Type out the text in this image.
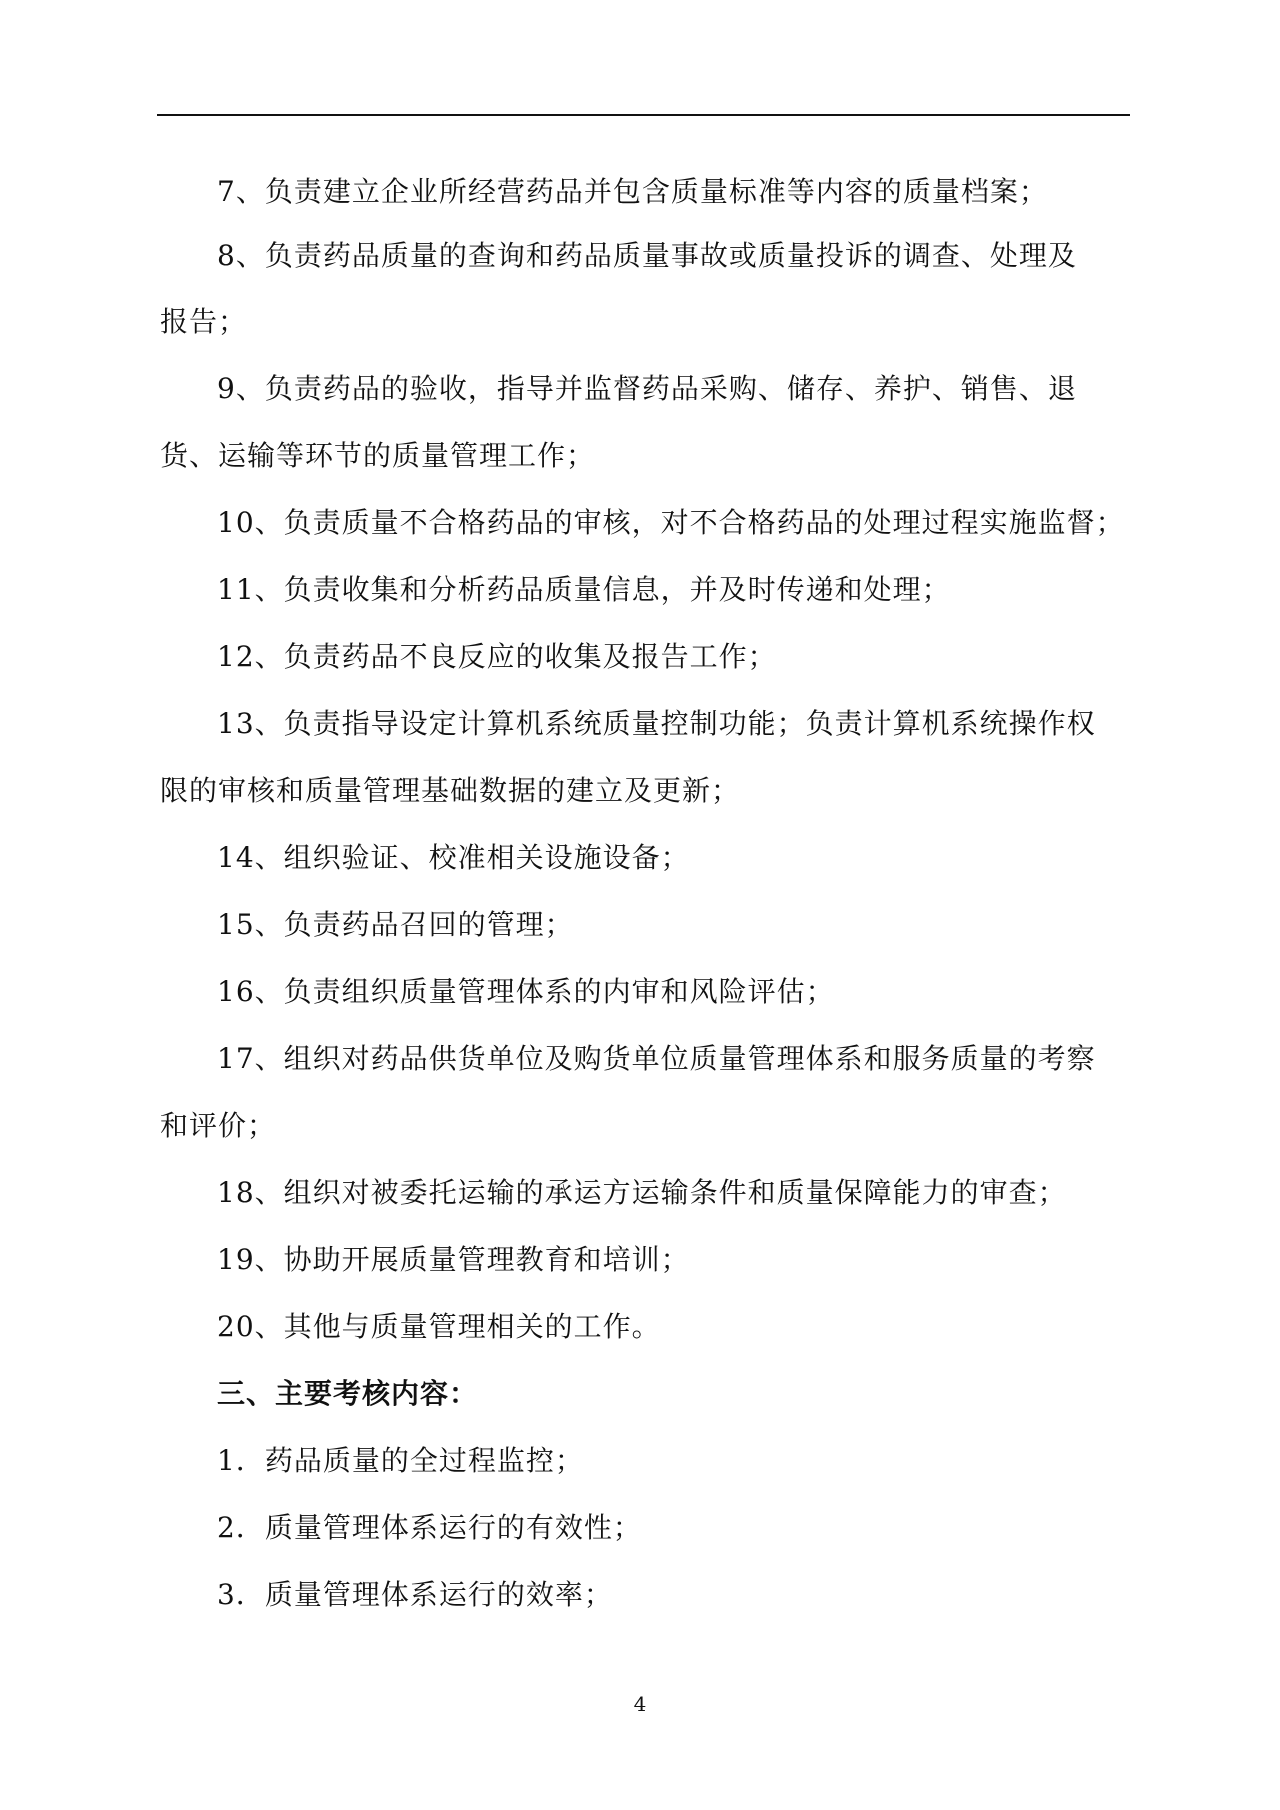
7、负责建立企业所经营药品并包含质量标准等内容的质量档案；
8、负责药品质量的查询和药品质量事故或质量投诉的调查、处理及
报告；
9、负责药品的验收，指导并监督药品采购、储存、养护、销售、退
货、运输等环节的质量管理工作；
10、负责质量不合格药品的审核，对不合格药品的处理过程实施监督；
11、负责收集和分析药品质量信息，并及时传递和处理；
12、负责药品不良反应的收集及报告工作；
13、负责指导设定计算机系统质量控制功能；负责计算机系统操作权
限的审核和质量管理基础数据的建立及更新；
14、组织验证、校准相关设施设备；
15、负责药品召回的管理；
16、负责组织质量管理体系的内审和风险评估；
17、组织对药品供货单位及购货单位质量管理体系和服务质量的考察
和评价；
18、组织对被委托运输的承运方运输条件和质量保障能力的审查；
19、协助开展质量管理教育和培训；
20、其他与质量管理相关的工作。
三、主要考核内容：
1．药品质量的全过程监控；
2．质量管理体系运行的有效性；
3．质量管理体系运行的效率；
4
